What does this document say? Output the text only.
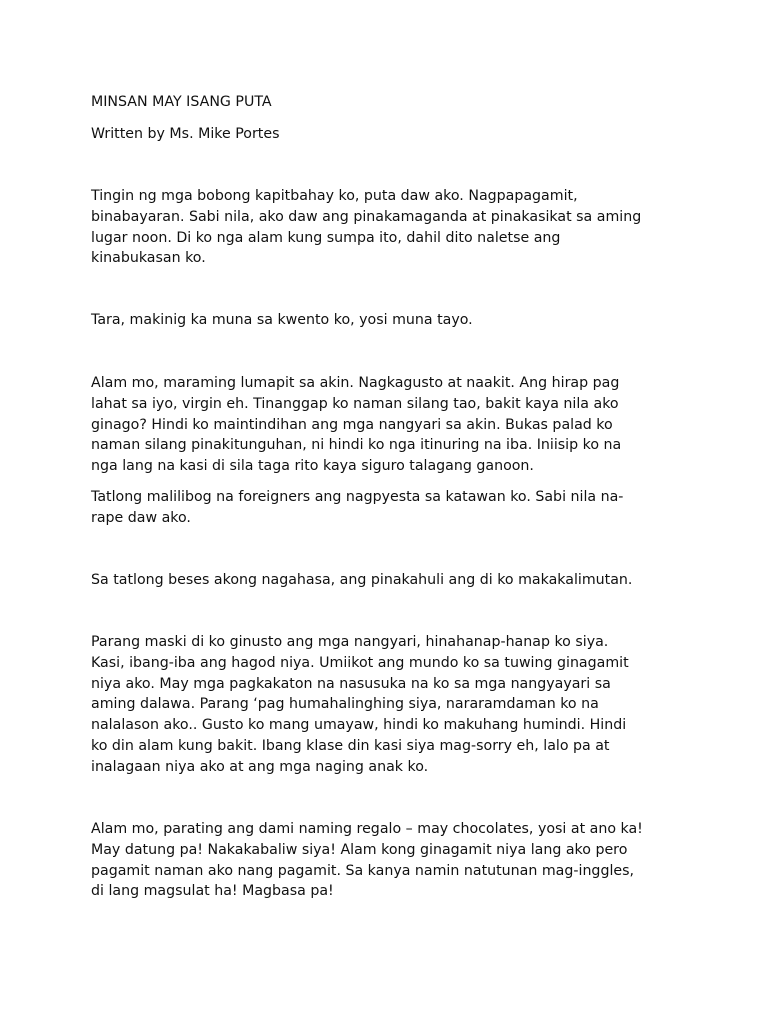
MINSAN MAY ISANG PUTA

Written by Ms. Mike Portes

Tingin ng mga bobong kapitbahay ko, puta daw ako. Nagpapagamit,
binabayaran. Sabi nila, ako daw ang pinakamaganda at pinakasikat sa aming
lugar noon. Di ko nga alam kung sumpa ito, dahil dito naletse ang
kinabukasan ko.

Tara, makinig ka muna sa kwento ko, yosi muna tayo.

Alam mo, maraming lumapit sa akin. Nagkagusto at naakit. Ang hirap pag
lahat sa iyo, virgin eh. Tinanggap ko naman silang tao, bakit kaya nila ako
ginago? Hindi ko maintindihan ang mga nangyari sa akin. Bukas palad ko
naman silang pinakitunguhan, ni hindi ko nga itinuring na iba. Iniisip ko na
nga lang na kasi di sila taga rito kaya siguro talagang ganoon.

Tatlong malilibog na foreigners ang nagpyesta sa katawan ko. Sabi nila na-
rape daw ako.

Sa tatlong beses akong nagahasa, ang pinakahuli ang di ko makakalimutan.

Parang maski di ko ginusto ang mga nangyari, hinahanap-hanap ko siya.
Kasi, ibang-iba ang hagod niya. Umiikot ang mundo ko sa tuwing ginagamit
niya ako. May mga pagkakaton na nasusuka na ko sa mga nangyayari sa
aming dalawa. Parang ‘pag humahalinghing siya, nararamdaman ko na
nalalason ako.. Gusto ko mang umayaw, hindi ko makuhang humindi. Hindi
ko din alam kung bakit. Ibang klase din kasi siya mag-sorry eh, lalo pa at
inalagaan niya ako at ang mga naging anak ko.

Alam mo, parating ang dami naming regalo – may chocolates, yosi at ano ka!
May datung pa! Nakakabaliw siya! Alam kong ginagamit niya lang ako pero
pagamit naman ako nang pagamit. Sa kanya namin natutunan mag-inggles,
di lang magsulat ha! Magbasa pa!
